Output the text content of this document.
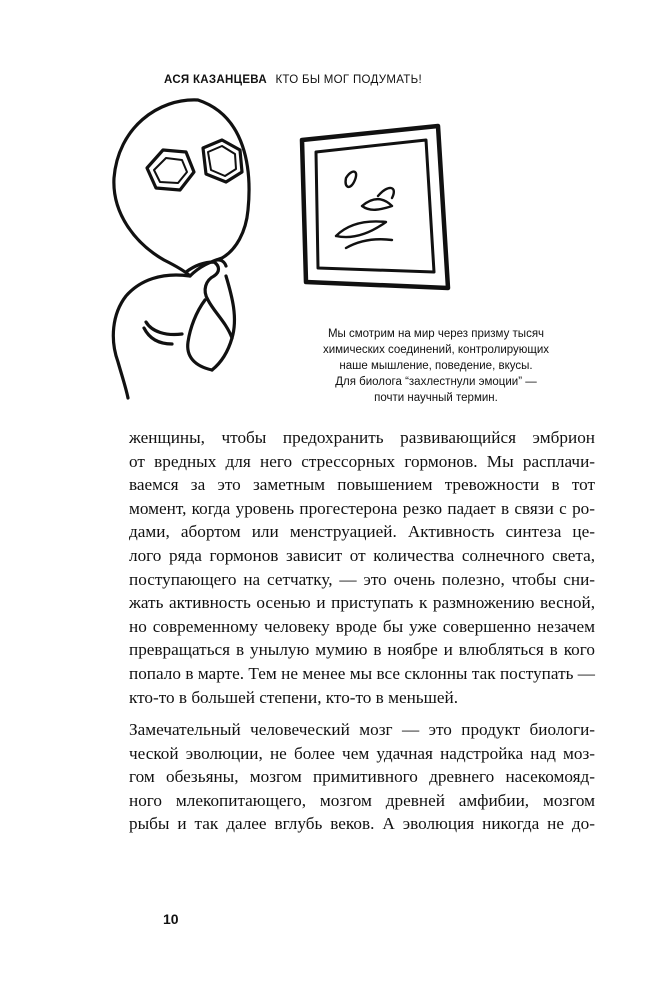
АСЯ КАЗАНЦЕВА КТО БЫ МОГ ПОДУМАТЬ!
Мы смотрим на мир через призму тысяч
химических соединений, контролирующих
наше мышление, поведение, вкусы.
Для биолога “захлестнули эмоции” —
почти научный термин.
женщины, чтобы предохранить развивающийся эмбрион
от вредных для него стрессорных гормонов. Мы расплачи-
ваемся за это заметным повышением тревожности в тот
момент, когда уровень прогестерона резко падает в связи с ро-
дами, абортом или менструацией. Активность синтеза це-
лого ряда гормонов зависит от количества солнечного света,
поступающего на сетчатку, — это очень полезно, чтобы сни-
жать активность осенью и приступать к размножению весной,
но современному человеку вроде бы уже совершенно незачем
превращаться в унылую мумию в ноябре и влюбляться в кого
попало в марте. Тем не менее мы все склонны так поступать —
кто-то в большей степени, кто-то в меньшей.
Замечательный человеческий мозг — это продукт биологи-
ческой эволюции, не более чем удачная надстройка над моз-
гом обезьяны, мозгом примитивного древнего насекомояд-
ного млекопитающего, мозгом древней амфибии, мозгом
рыбы и так далее вглубь веков. А эволюция никогда не до-
10
